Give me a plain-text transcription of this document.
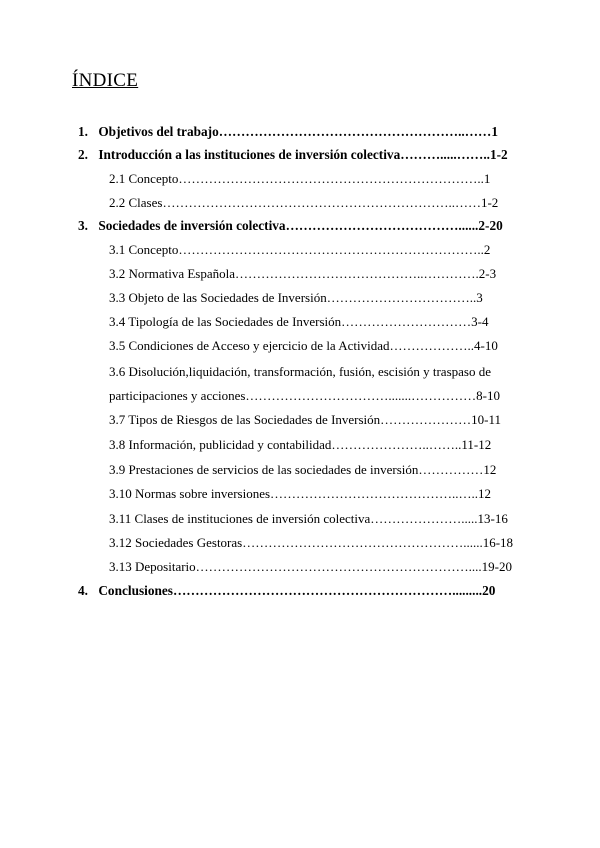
ÍNDICE
1. Objetivos del trabajo………………………………………………..……1
2. Introducción a las instituciones de inversión colectiva……….....……..1-2
2.1 Concepto……………………………………………………………..1
2.2 Clases…………………………………………………………..……1-2
3. Sociedades de inversión colectiva…………………………………......2-20
3.1 Concepto……………………………………………………………..2
3.2 Normativa Española……………………………………..………….2-3
3.3 Objeto de las Sociedades de Inversión……………………………..3
3.4 Tipología de las Sociedades de Inversión…………………………3-4
3.5 Condiciones de Acceso y ejercicio de la Actividad………………..4-10
3.6 Disolución,liquidación, transformación, fusión, escisión y traspaso de
participaciones y acciones…………………………….......……………8-10
3.7 Tipos de Riesgos de las Sociedades de Inversión…………………10-11
3.8 Información, publicidad y contabilidad…………………..……..11-12
3.9 Prestaciones de servicios de las sociedades de inversión……………12
3.10 Normas sobre inversiones……………………………………..…..12
3.11 Clases de instituciones de inversión colectiva………………….....13-16
3.12 Sociedades Gestoras……………………………………………......16-18
3.13 Depositario………………………………………………………....19-20
4. Conclusiones……………………………………………………….........20
